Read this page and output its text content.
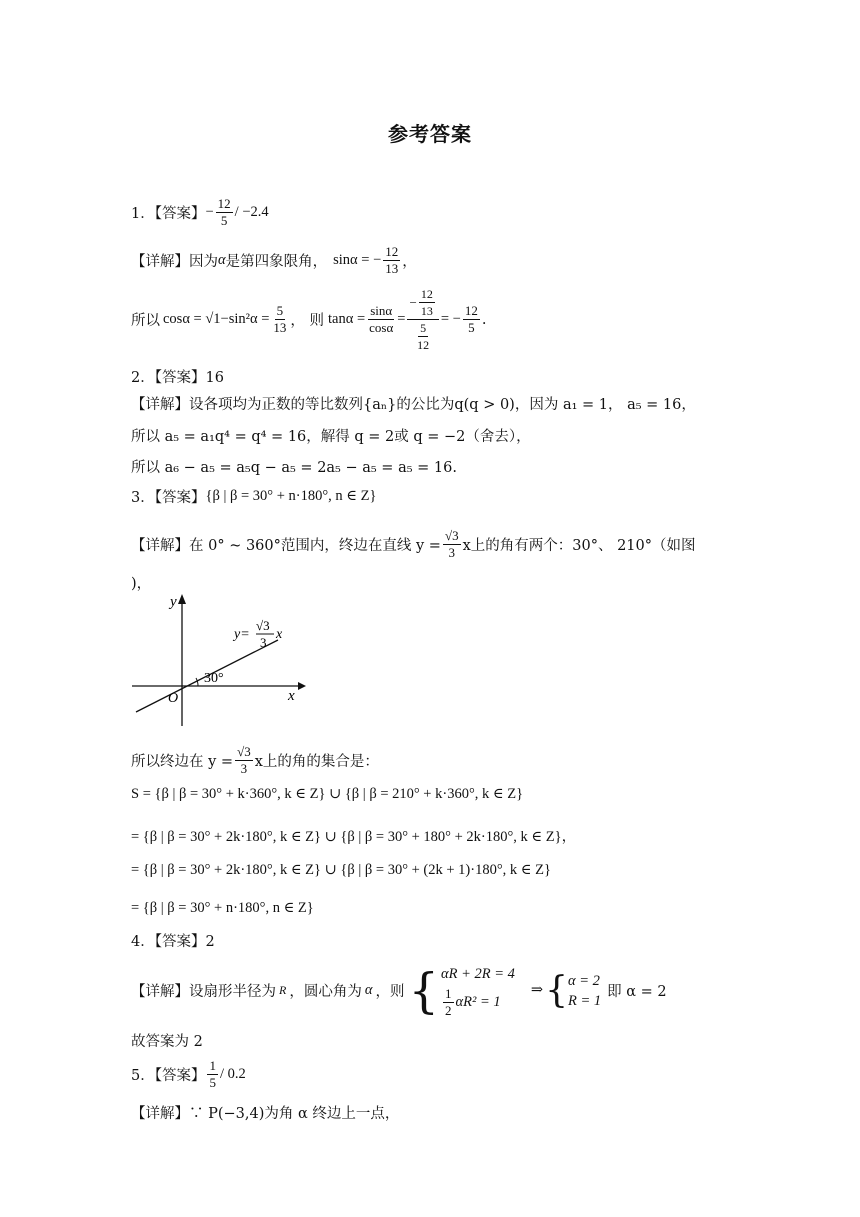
参考答案
1．【答案】 − $\frac{12}{5} / -2.4$
【详解】因为 α 是第四象限角， sinα = − $\frac{12}{13}$ ，
所以 $\cos\alpha = √1-\sin^2\alpha = \frac{5}{13}$ ， 则 $\tan\alpha = \frac{\sin\alpha}{\cos\alpha} = \frac{- \frac{12}{13}}{\frac{5}{12}}$ = − $\frac{12}{5}$ .
2．【答案】16
【详解】设各项均为正数的等比数列{aₙ}的公比为q(q > 0)，因为 a₁ = 1， a₅ = 16，
所以 a₅ = a₁q⁴ = q⁴ = 16，解得 q = 2或 q = −2（舍去），
所以 a₆ − a₅ = a₅q − a₅ = 2a₅ − a₅ = a₅ = 16.
3．【答案】 {β | β = 30° + n·180°, n ∈ Z}
【详解】在 0° ~ 360°范围内，终边在直线 $y = \frac{√3}{3}$ x上的角有两个：30°、 210°（如图
)，
y
x
O
30°
y=
√3
3
x
所以终边在 $y = \frac{√3}{3}$ x上的角的集合是：
S = {β | β = 30° + k·360°, k ∈ Z} ∪ {β | β = 210° + k·360°, k ∈ Z}
= {β | β = 30° + 2k·180°, k ∈ Z} ∪ {β | β = 30° + 180° + 2k·180°, k ∈ Z}，
= {β | β = 30° + 2k·180°, k ∈ Z} ∪ {β | β = 30° + (2k + 1)·180°, k ∈ Z}
= {β | β = 30° + n·180°, n ∈ Z}
4．【答案】2
【详解】设扇形半径为 R ，圆心角为 α ，则 { αR + 2R = 4
$\frac{1}{2} \alpha R^2 = 1$
⇒ { α = 2
R = 1
即 α = 2
故答案为 2
5．【答案】 $\frac{1}{5} / 0.2$
【详解】∵ P(−3,4)为角 α 终边上一点，
